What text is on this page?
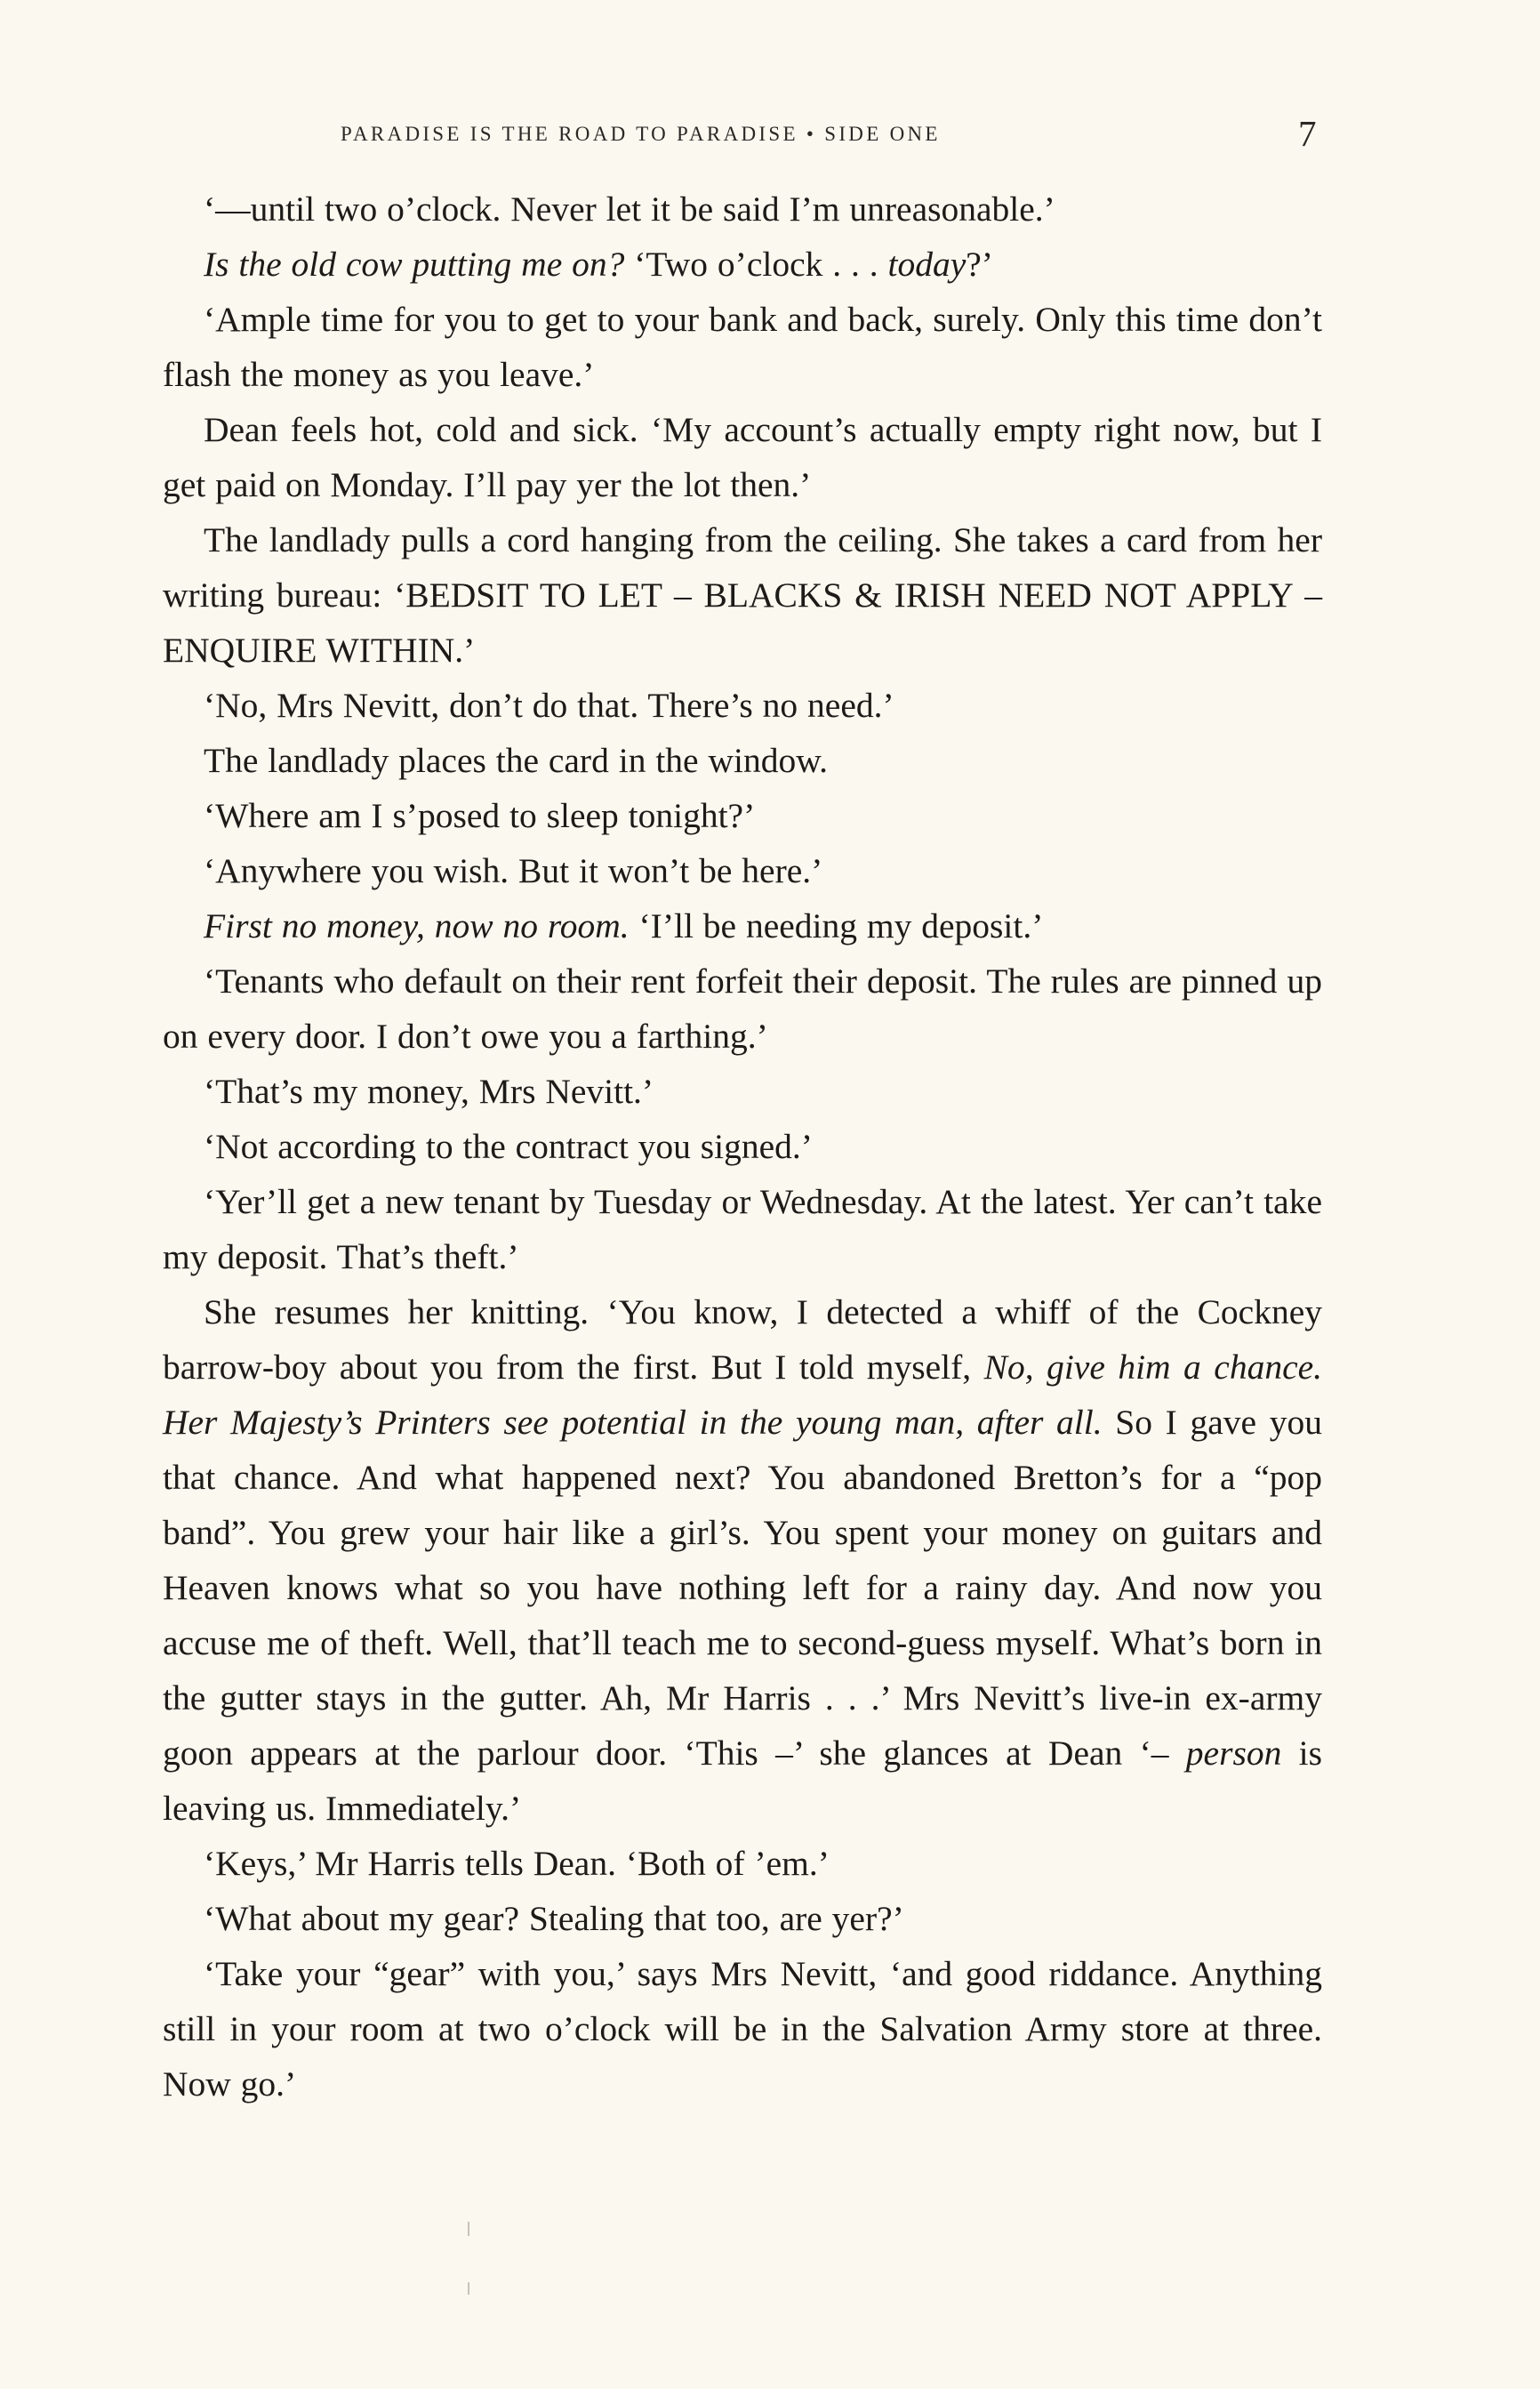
PARADISE IS THE ROAD TO PARADISE • SIDE ONE	7

‘—until two o’clock. Never let it be said I’m unreasonable.’

Is the old cow putting me on? ‘Two o’clock . . . today?’

‘Ample time for you to get to your bank and back, surely. Only this time don’t flash the money as you leave.’

Dean feels hot, cold and sick. ‘My account’s actually empty right now, but I get paid on Monday. I’ll pay yer the lot then.’

The landlady pulls a cord hanging from the ceiling. She takes a card from her writing bureau: ‘BEDSIT TO LET – BLACKS & IRISH NEED NOT APPLY – ENQUIRE WITHIN.’

‘No, Mrs Nevitt, don’t do that. There’s no need.’

The landlady places the card in the window.

‘Where am I s’posed to sleep tonight?’

‘Anywhere you wish. But it won’t be here.’

First no money, now no room. ‘I’ll be needing my deposit.’

‘Tenants who default on their rent forfeit their deposit. The rules are pinned up on every door. I don’t owe you a farthing.’

‘That’s my money, Mrs Nevitt.’

‘Not according to the contract you signed.’

‘Yer’ll get a new tenant by Tuesday or Wednesday. At the latest. Yer can’t take my deposit. That’s theft.’

She resumes her knitting. ‘You know, I detected a whiff of the Cockney barrow-boy about you from the first. But I told myself, No, give him a chance. Her Majesty’s Printers see potential in the young man, after all. So I gave you that chance. And what happened next? You abandoned Bretton’s for a “pop band”. You grew your hair like a girl’s. You spent your money on guitars and Heaven knows what so you have nothing left for a rainy day. And now you accuse me of theft. Well, that’ll teach me to second-guess myself. What’s born in the gutter stays in the gutter. Ah, Mr Harris . . .’ Mrs Nevitt’s live-in ex-army goon appears at the parlour door. ‘This –’ she glances at Dean ‘– person is leaving us. Immediately.’

‘Keys,’ Mr Harris tells Dean. ‘Both of ’em.’

‘What about my gear? Stealing that too, are yer?’

‘Take your “gear” with you,’ says Mrs Nevitt, ‘and good riddance. Anything still in your room at two o’clock will be in the Salvation Army store at three. Now go.’
